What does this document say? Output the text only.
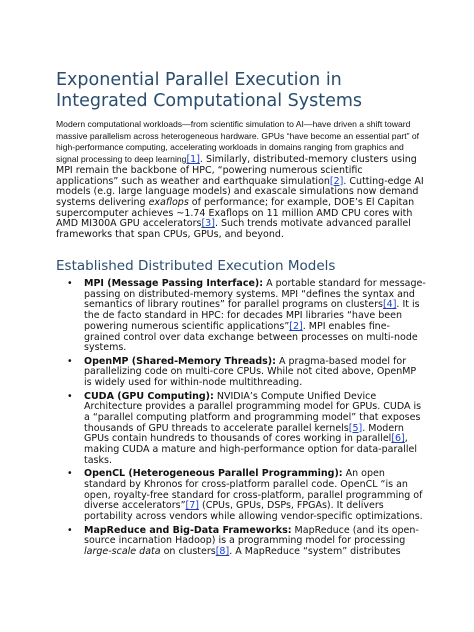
Exponential Parallel Execution in Integrated Computational Systems

Modern computational workloads—from scientific simulation to AI—have driven a shift toward massive parallelism across heterogeneous hardware. GPUs “have become an essential part” of high-performance computing, accelerating workloads in domains ranging from graphics and signal processing to deep learning[1]. Similarly, distributed-memory clusters using MPI remain the backbone of HPC, “powering numerous scientific applications” such as weather and earthquake simulation[2]. Cutting-edge AI models (e.g. large language models) and exascale simulations now demand systems delivering exaflops of performance; for example, DOE’s El Capitan supercomputer achieves ~1.74 Exaflops on 11 million AMD CPU cores with AMD MI300A GPU accelerators[3]. Such trends motivate advanced parallel frameworks that span CPUs, GPUs, and beyond.

Established Distributed Execution Models
• MPI (Message Passing Interface): A portable standard for message-passing on distributed-memory systems. MPI “defines the syntax and semantics of library routines” for parallel programs on clusters[4]. It is the de facto standard in HPC: for decades MPI libraries “have been powering numerous scientific applications”[2]. MPI enables fine-grained control over data exchange between processes on multi-node systems.
• OpenMP (Shared-Memory Threads): A pragma-based model for parallelizing code on multi-core CPUs. While not cited above, OpenMP is widely used for within-node multithreading.
• CUDA (GPU Computing): NVIDIA’s Compute Unified Device Architecture provides a parallel programming model for GPUs. CUDA is a “parallel computing platform and programming model” that exposes thousands of GPU threads to accelerate parallel kernels[5]. Modern GPUs contain hundreds to thousands of cores working in parallel[6], making CUDA a mature and high-performance option for data-parallel tasks.
• OpenCL (Heterogeneous Parallel Programming): An open standard by Khronos for cross-platform parallel code. OpenCL “is an open, royalty-free standard for cross-platform, parallel programming of diverse accelerators”[7] (CPUs, GPUs, DSPs, FPGAs). It delivers portability across vendors while allowing vendor-specific optimizations.
• MapReduce and Big-Data Frameworks: MapReduce (and its open-source incarnation Hadoop) is a programming model for processing large-scale data on clusters[8]. A MapReduce “system” distributes
